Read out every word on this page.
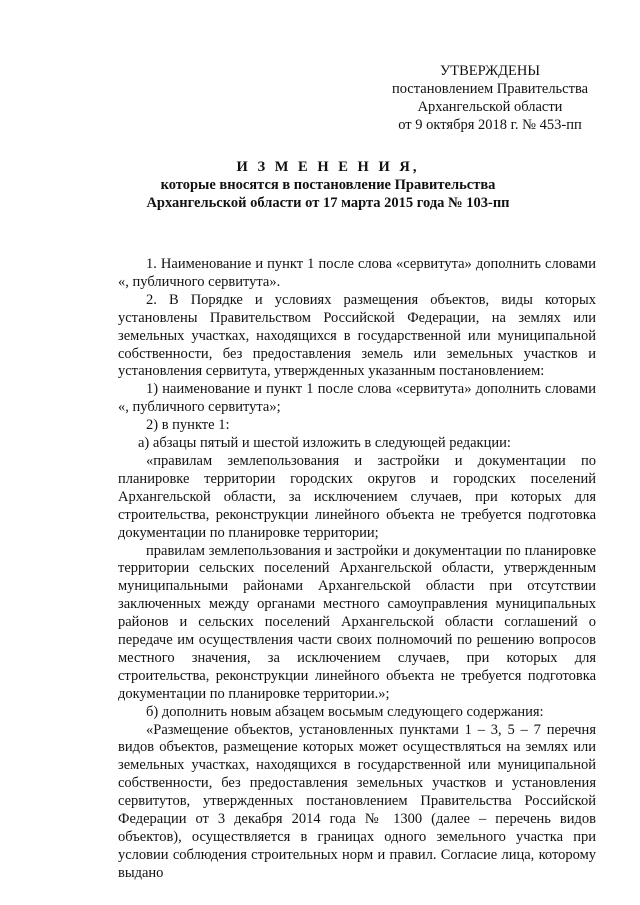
УТВЕРЖДЕНЫ
постановлением Правительства
Архангельской области
от 9 октября 2018 г. № 453-пп
И З М Е Н Е Н И Я,
которые вносятся в постановление Правительства
Архангельской области от 17 марта 2015 года № 103-пп

1. Наименование и пункт 1 после слова «сервитута» дополнить словами «, публичного сервитута».

2. В Порядке и условиях размещения объектов, виды которых установлены Правительством Российской Федерации, на землях или земельных участках, находящихся в государственной или муниципальной собственности, без предоставления земель или земельных участков и установления сервитута, утвержденных указанным постановлением:

1) наименование и пункт 1 после слова «сервитута» дополнить словами «, публичного сервитута»;

2) в пункте 1:

а) абзацы пятый и шестой изложить в следующей редакции:

«правилам землепользования и застройки и документации по планировке территории городских округов и городских поселений Архангельской области, за исключением случаев, при которых для строительства, реконструкции линейного объекта не требуется подготовка документации по планировке территории;

правилам землепользования и застройки и документации по планировке территории сельских поселений Архангельской области, утвержденным муниципальными районами Архангельской области при отсутствии заключенных между органами местного самоуправления муниципальных районов и сельских поселений Архангельской области соглашений о передаче им осуществления части своих полномочий по решению вопросов местного значения, за исключением случаев, при которых для строительства, реконструкции линейного объекта не требуется подготовка документации по планировке территории.»;

б) дополнить новым абзацем восьмым следующего содержания:

«Размещение объектов, установленных пунктами 1 – 3, 5 – 7 перечня видов объектов, размещение которых может осуществляться на землях или земельных участках, находящихся в государственной или муниципальной собственности, без предоставления земельных участков и установления сервитутов, утвержденных постановлением Правительства Российской Федерации от 3 декабря 2014 года № 1300 (далее – перечень видов объектов), осуществляется в границах одного земельного участка при условии соблюдения строительных норм и правил. Согласие лица, которому выдано
